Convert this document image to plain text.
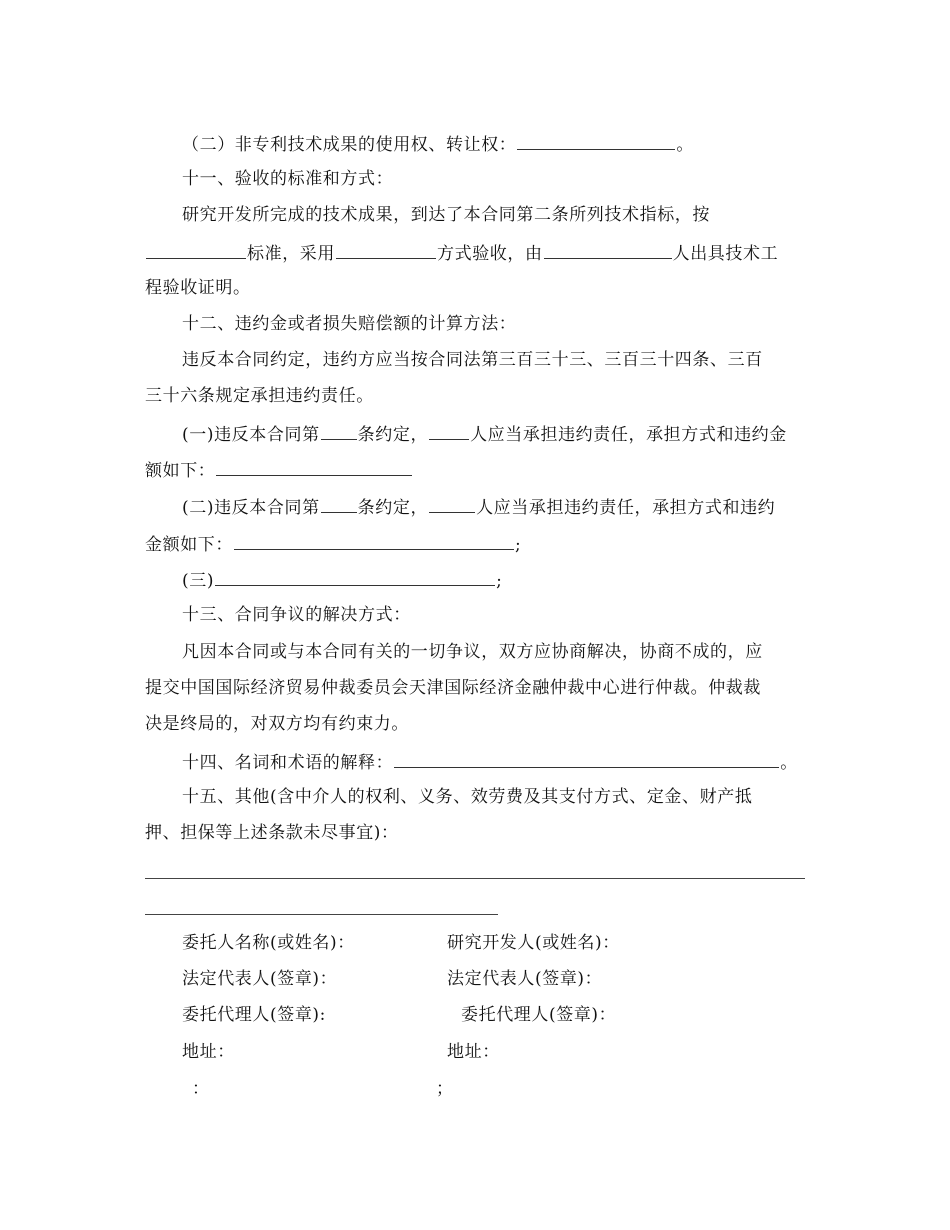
（二）非专利技术成果的使用权、转让权：	。
十一、验收的标准和方式：
研究开发所完成的技术成果，到达了本合同第二条所列技术指标，按
标准，采用	方式验收，由	人出具技术工
程验收证明。
十二、违约金或者损失赔偿额的计算方法：
违反本合同约定，违约方应当按合同法第三百三十三、三百三十四条、三百
三十六条规定承担违约责任。
(一)违反本合同第 条约定， 人应当承担违约责任，承担方式和违约金
额如下：
(二)违反本合同第 条约定，	人应当承担违约责任，承担方式和违约
金额如下：	;
(三)	;
十三、合同争议的解决方式：
凡因本合同或与本合同有关的一切争议，双方应协商解决，协商不成的，应
提交中国国际经济贸易仲裁委员会天津国际经济金融仲裁中心进行仲裁。仲裁裁
决是终局的，对双方均有约束力。
十四、名词和术语的解释：	。
十五、其他(含中介人的权利、义务、效劳费及其支付方式、定金、财产抵
押、担保等上述条款未尽事宜)：
委托人名称(或姓名)：	研究开发人(或姓名)：
法定代表人(签章)：	法定代表人(签章)：
委托代理人(签章):	委托代理人(签章)：
地址：	地址：
：	；
